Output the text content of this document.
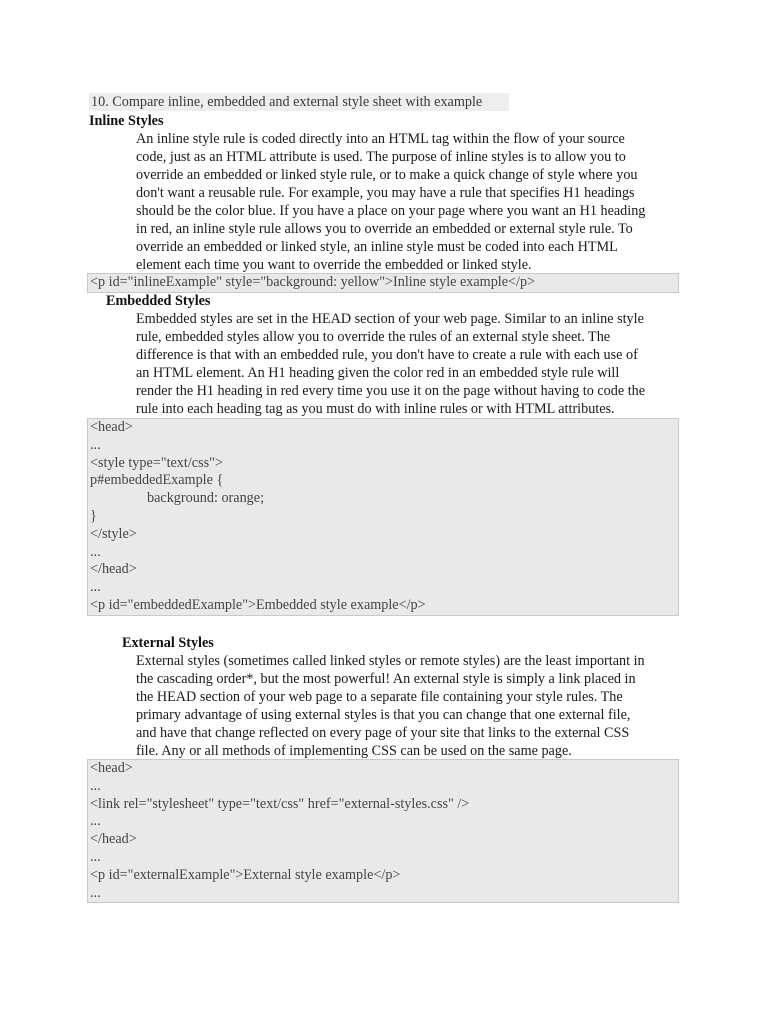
10. Compare inline, embedded and external style sheet with example
Inline Styles
An inline style rule is coded directly into an HTML tag within the flow of your source
code, just as an HTML attribute is used. The purpose of inline styles is to allow you to
override an embedded or linked style rule, or to make a quick change of style where you
don't want a reusable rule. For example, you may have a rule that specifies H1 headings
should be the color blue. If you have a place on your page where you want an H1 heading
in red, an inline style rule allows you to override an embedded or external style rule. To
override an embedded or linked style, an inline style must be coded into each HTML
element each time you want to override the embedded or linked style.
<p id="inlineExample" style="background: yellow">Inline style example</p>
Embedded Styles
Embedded styles are set in the HEAD section of your web page. Similar to an inline style
rule, embedded styles allow you to override the rules of an external style sheet. The
difference is that with an embedded rule, you don't have to create a rule with each use of
an HTML element. An H1 heading given the color red in an embedded style rule will
render the H1 heading in red every time you use it on the page without having to code the
rule into each heading tag as you must do with inline rules or with HTML attributes.
<head>
...
<style type="text/css">
p#embeddedExample {
background: orange;
}
</style>
...
</head>
...
<p id="embeddedExample">Embedded style example</p>
External Styles
External styles (sometimes called linked styles or remote styles) are the least important in
the cascading order*, but the most powerful! An external style is simply a link placed in
the HEAD section of your web page to a separate file containing your style rules. The
primary advantage of using external styles is that you can change that one external file,
and have that change reflected on every page of your site that links to the external CSS
file. Any or all methods of implementing CSS can be used on the same page.
<head>
...
<link rel="stylesheet" type="text/css" href="external-styles.css" />
...
</head>
...
<p id="externalExample">External style example</p>
...
